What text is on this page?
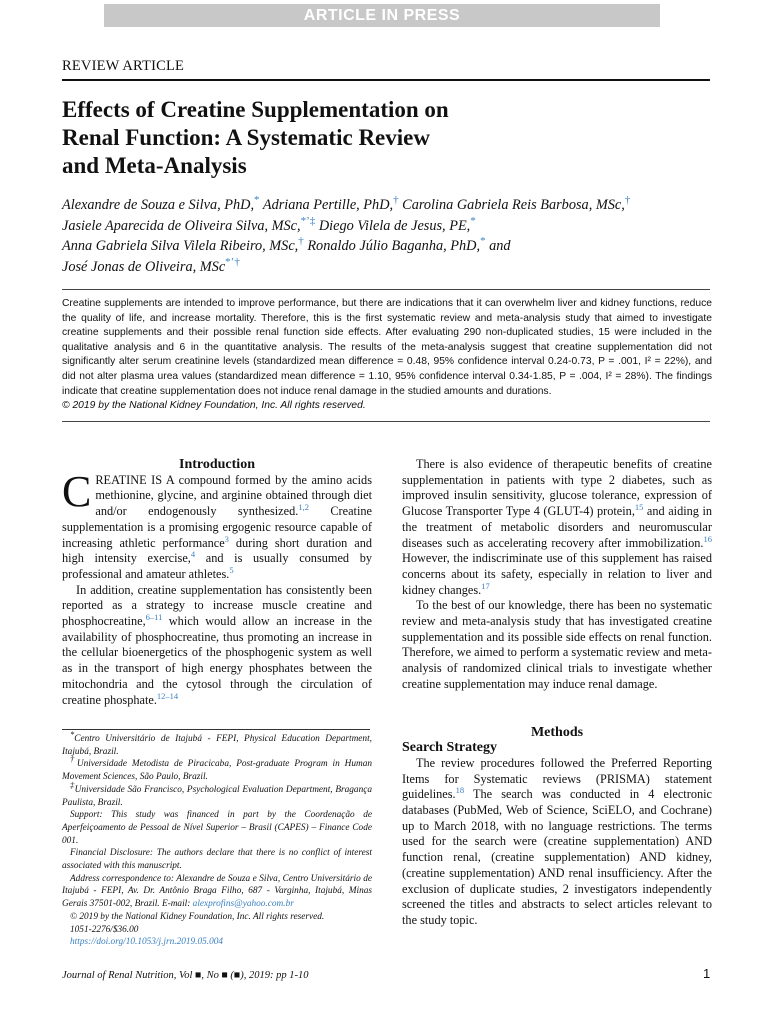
ARTICLE IN PRESS
REVIEW ARTICLE
Effects of Creatine Supplementation on
Renal Function: A Systematic Review
and Meta-Analysis
Alexandre de Souza e Silva, PhD,* Adriana Pertille, PhD,† Carolina Gabriela Reis Barbosa, MSc,†
Jasiele Aparecida de Oliveira Silva, MSc,*’‡ Diego Vilela de Jesus, PE,*
Anna Gabriela Silva Vilela Ribeiro, MSc,† Ronaldo Júlio Baganha, PhD,* and
José Jonas de Oliveira, MSc*’†

Creatine supplements are intended to improve performance, but there are indications that it can overwhelm liver and kidney functions, reduce the quality of life, and increase mortality. Therefore, this is the first systematic review and meta-analysis study that aimed to investigate creatine supplements and their possible renal function side effects. After evaluating 290 non-duplicated studies, 15 were included in the qualitative analysis and 6 in the quantitative analysis. The results of the meta-analysis suggest that creatine supplementation did not significantly alter serum creatinine levels (standardized mean difference = 0.48, 95% confidence interval 0.24-0.73, P = .001, I² = 22%), and did not alter plasma urea values (standardized mean difference = 1.10, 95% confidence interval 0.34-1.85, P = .004, I² = 28%). The findings indicate that creatine supplementation does not induce renal damage in the studied amounts and durations.

© 2019 by the National Kidney Foundation, Inc. All rights reserved.

Introduction

CREATINE IS A compound formed by the amino acids methionine, glycine, and arginine obtained through diet and/or endogenously synthesized.$^{1,2}$ Creatine supplementation is a promising ergogenic resource capable of increasing athletic performance$^3$ during short duration and high intensity exercise,$^4$ and is usually consumed by professional and amateur athletes.$^5$

In addition, creatine supplementation has consistently been reported as a strategy to increase muscle creatine and phosphocreatine,$^{6-11}$ which would allow an increase in the availability of phosphocreatine, thus promoting an increase in the cellular bioenergetics of the phosphogenic system as well as in the transport of high energy phosphates between the mitochondria and the cytosol through the circulation of creatine phosphate.$^{12-14}$

*Centro Universitário de Itajubá - FEPI, Physical Education Department, Itajubá, Brazil.

†Universidade Metodista de Piracicaba, Post-graduate Program in Human Movement Sciences, São Paulo, Brazil.

‡Universidade São Francisco, Psychological Evaluation Department, Bragança Paulista, Brazil.

Support: This study was financed in part by the Coordenação de Aperfeiçoamento de Pessoal de Nível Superior – Brasil (CAPES) – Finance Code 001.

Financial Disclosure: The authors declare that there is no conflict of interest associated with this manuscript.

Address correspondence to: Alexandre de Souza e Silva, Centro Universitário de Itajubá - FEPI, Av. Dr. Antônio Braga Filho, 687 - Varginha, Itajubá, Minas Gerais 37501-002, Brazil. E-mail: alexprofins@yahoo.com.br

© 2019 by the National Kidney Foundation, Inc. All rights reserved.

1051-2276/$36.00

https://doi.org/10.1053/j.jrn.2019.05.004

There is also evidence of therapeutic benefits of creatine supplementation in patients with type 2 diabetes, such as improved insulin sensitivity, glucose tolerance, expression of Glucose Transporter Type 4 (GLUT-4) protein,$^{15}$ and aiding in the treatment of metabolic disorders and neuromuscular diseases such as accelerating recovery after immobilization.$^{16}$ However, the indiscriminate use of this supplement has raised concerns about its safety, especially in relation to liver and kidney changes.$^{17}$

To the best of our knowledge, there has been no systematic review and meta-analysis study that has investigated creatine supplementation and its possible side effects on renal function. Therefore, we aimed to perform a systematic review and meta-analysis of randomized clinical trials to investigate whether creatine supplementation may induce renal damage.

Methods
Search Strategy

The review procedures followed the Preferred Reporting Items for Systematic reviews (PRISMA) statement guidelines.$^{18}$ The search was conducted in 4 electronic databases (PubMed, Web of Science, SciELO, and Cochrane) up to March 2018, with no language restrictions. The terms used for the search were (creatine supplementation) AND function renal, (creatine supplementation) AND kidney, (creatine supplementation) AND renal insufficiency. After the exclusion of duplicate studies, 2 investigators independently screened the titles and abstracts to select articles relevant to the study topic.

Journal of Renal Nutrition, Vol ■, No ■ (■), 2019: pp 1-10	1
